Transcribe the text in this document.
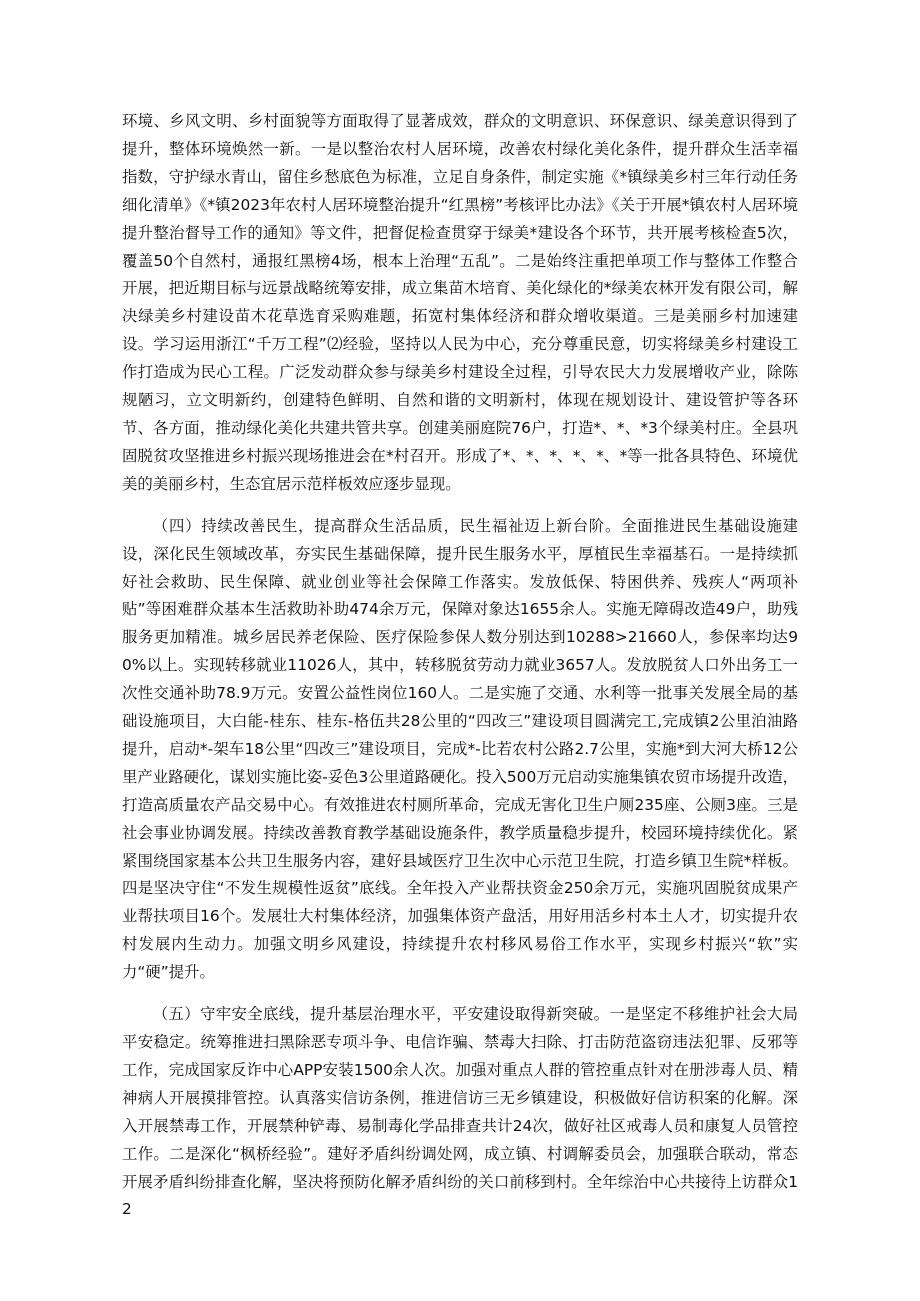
环境、乡风文明、乡村面貌等方面取得了显著成效，群众的文明意识、环保意识、绿美意识得到了提升，整体环境焕然一新。一是以整治农村人居环境，改善农村绿化美化条件，提升群众生活幸福指数，守护绿水青山，留住乡愁底色为标准，立足自身条件，制定实施《*镇绿美乡村三年行动任务细化清单》《*镇2023年农村人居环境整治提升“红黑榜”考核评比办法》《关于开展*镇农村人居环境提升整治督导工作的通知》等文件，把督促检查贯穿于绿美*建设各个环节，共开展考核检查5次，覆盖50个自然村，通报红黑榜4场，根本上治理“五乱”。二是始终注重把单项工作与整体工作整合开展，把近期目标与远景战略统筹安排，成立集苗木培育、美化绿化的*绿美农林开发有限公司，解决绿美乡村建设苗木花草选育采购难题，拓宽村集体经济和群众增收渠道。三是美丽乡村加速建设。学习运用浙江“千万工程”⑵经验，坚持以人民为中心，充分尊重民意，切实将绿美乡村建设工作打造成为民心工程。广泛发动群众参与绿美乡村建设全过程，引导农民大力发展增收产业，除陈规陋习，立文明新约，创建特色鲜明、自然和谐的文明新村，体现在规划设计、建设管护等各环节、各方面，推动绿化美化共建共管共享。创建美丽庭院76户，打造*、*、*3个绿美村庄。全县巩固脱贫攻坚推进乡村振兴现场推进会在*村召开。形成了*、*、*、*、*、*等一批各具特色、环境优美的美丽乡村，生态宜居示范样板效应逐步显现。

（四）持续改善民生，提高群众生活品质，民生福祉迈上新台阶。全面推进民生基础设施建设，深化民生领域改革，夯实民生基础保障，提升民生服务水平，厚植民生幸福基石。一是持续抓好社会救助、民生保障、就业创业等社会保障工作落实。发放低保、特困供养、残疾人“两项补贴”等困难群众基本生活救助补助474余万元，保障对象达1655余人。实施无障碍改造49户，助残服务更加精准。城乡居民养老保险、医疗保险参保人数分别达到10288>21660人，参保率均达90%以上。实现转移就业11026人，其中，转移脱贫劳动力就业3657人。发放脱贫人口外出务工一次性交通补助78.9万元。安置公益性岗位160人。二是实施了交通、水利等一批事关发展全局的基础设施项目，大白能-桂东、桂东-格伍共28公里的“四改三”建设项目圆满完工,完成镇2公里泊油路提升，启动*-架车18公里“四改三”建设项目，完成*-比若农村公路2.7公里，实施*到大河大桥12公里产业路硬化，谋划实施比姿-妥色3公里道路硬化。投入500万元启动实施集镇农贸市场提升改造，打造高质量农产品交易中心。有效推进农村厕所革命，完成无害化卫生户厕235座、公厕3座。三是社会事业协调发展。持续改善教育教学基础设施条件，教学质量稳步提升，校园环境持续优化。紧紧围绕国家基本公共卫生服务内容，建好县域医疗卫生次中心示范卫生院，打造乡镇卫生院*样板。四是坚决守住“不发生规模性返贫”底线。全年投入产业帮扶资金250余万元，实施巩固脱贫成果产业帮扶项目16个。发展壮大村集体经济，加强集体资产盘活，用好用活乡村本土人才，切实提升农村发展内生动力。加强文明乡风建设，持续提升农村移风易俗工作水平，实现乡村振兴“软”实力“硬”提升。

（五）守牢安全底线，提升基层治理水平，平安建设取得新突破。一是坚定不移维护社会大局平安稳定。统筹推进扫黑除恶专项斗争、电信诈骗、禁毒大扫除、打击防范盗窃违法犯罪、反邪等工作，完成国家反诈中心APP安装1500余人次。加强对重点人群的管控重点针对在册涉毒人员、精神病人开展摸排管控。认真落实信访条例，推进信访三无乡镇建设，积极做好信访积案的化解。深入开展禁毒工作，开展禁种铲毒、易制毒化学品排查共计24次，做好社区戒毒人员和康复人员管控工作。二是深化“枫桥经验”。建好矛盾纠纷调处网，成立镇、村调解委员会，加强联合联动，常态开展矛盾纠纷排查化解，坚决将预防化解矛盾纠纷的关口前移到村。全年综治中心共接待上访群众12
